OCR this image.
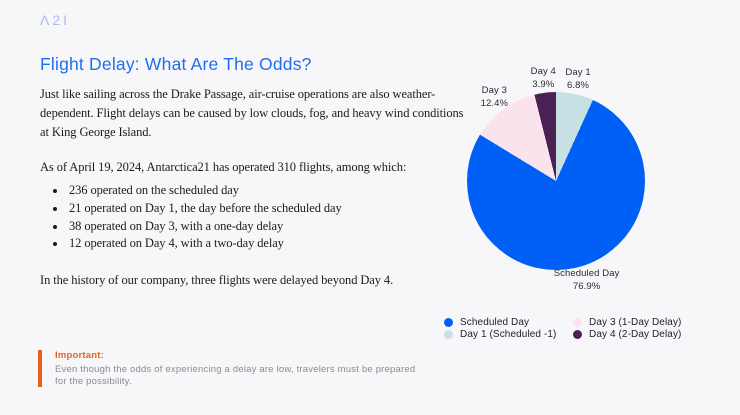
Λ2I
Flight Delay: What Are The Odds?

Just like sailing across the Drake Passage, air-cruise operations are also weather-dependent. Flight delays can be caused by low clouds, fog, and heavy wind conditions at King George Island.

As of April 19, 2024, Antarctica21 has operated 310 flights, among which:

• 236 operated on the scheduled day
• 21 operated on Day 1, the day before the scheduled day
• 38 operated on Day 3, with a one-day delay
• 12 operated on Day 4, with a two-day delay

In the history of our company, three flights were delayed beyond Day 4.

Important:
Even though the odds of experiencing a delay are low, travelers must be prepared for the possibility.
Day 1
6.8%
Scheduled Day
76.9%
Day 3
12.4%
Day 4
3.9%
Scheduled Day	Day 3 (1-Day Delay)
Day 1 (Scheduled -1)	Day 4 (2-Day Delay)
